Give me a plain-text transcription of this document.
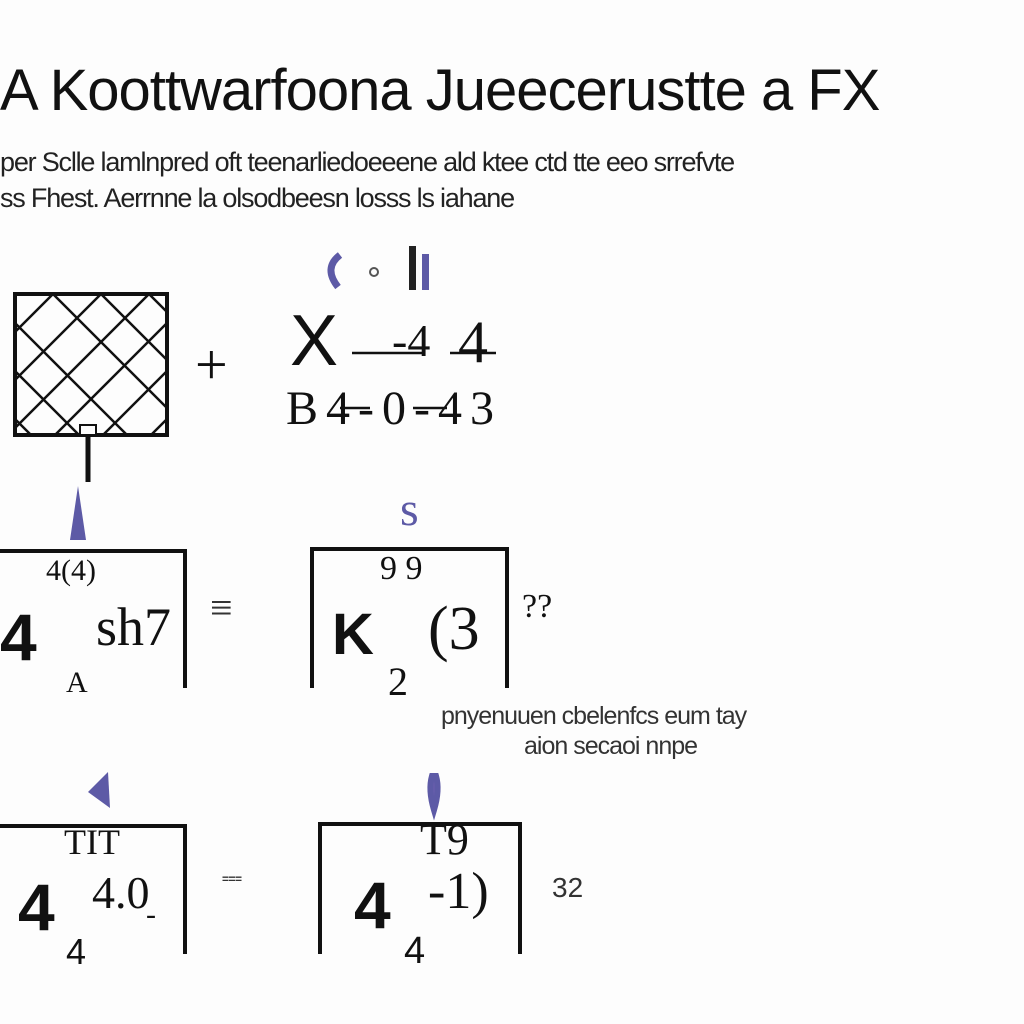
A Koottwarfoona Jueecerustte a FX
per Sclle lamlnpred oft teenarliedoeeene ald ktee ctd tte eeo srrefvte
ss Fhest. Aerrnne la olsodbeesn losss ls iahane
+ X -4 4
B 4 - 0 - 4 3
s
4(4)
4 sh7
A
≡
9 9
K (3
2
??
pnyenuuen cbelenfcs eum tay
aion secaoi nnpe
TIT
4 4.0
-
4
===
T9
4 -1)
4
32
